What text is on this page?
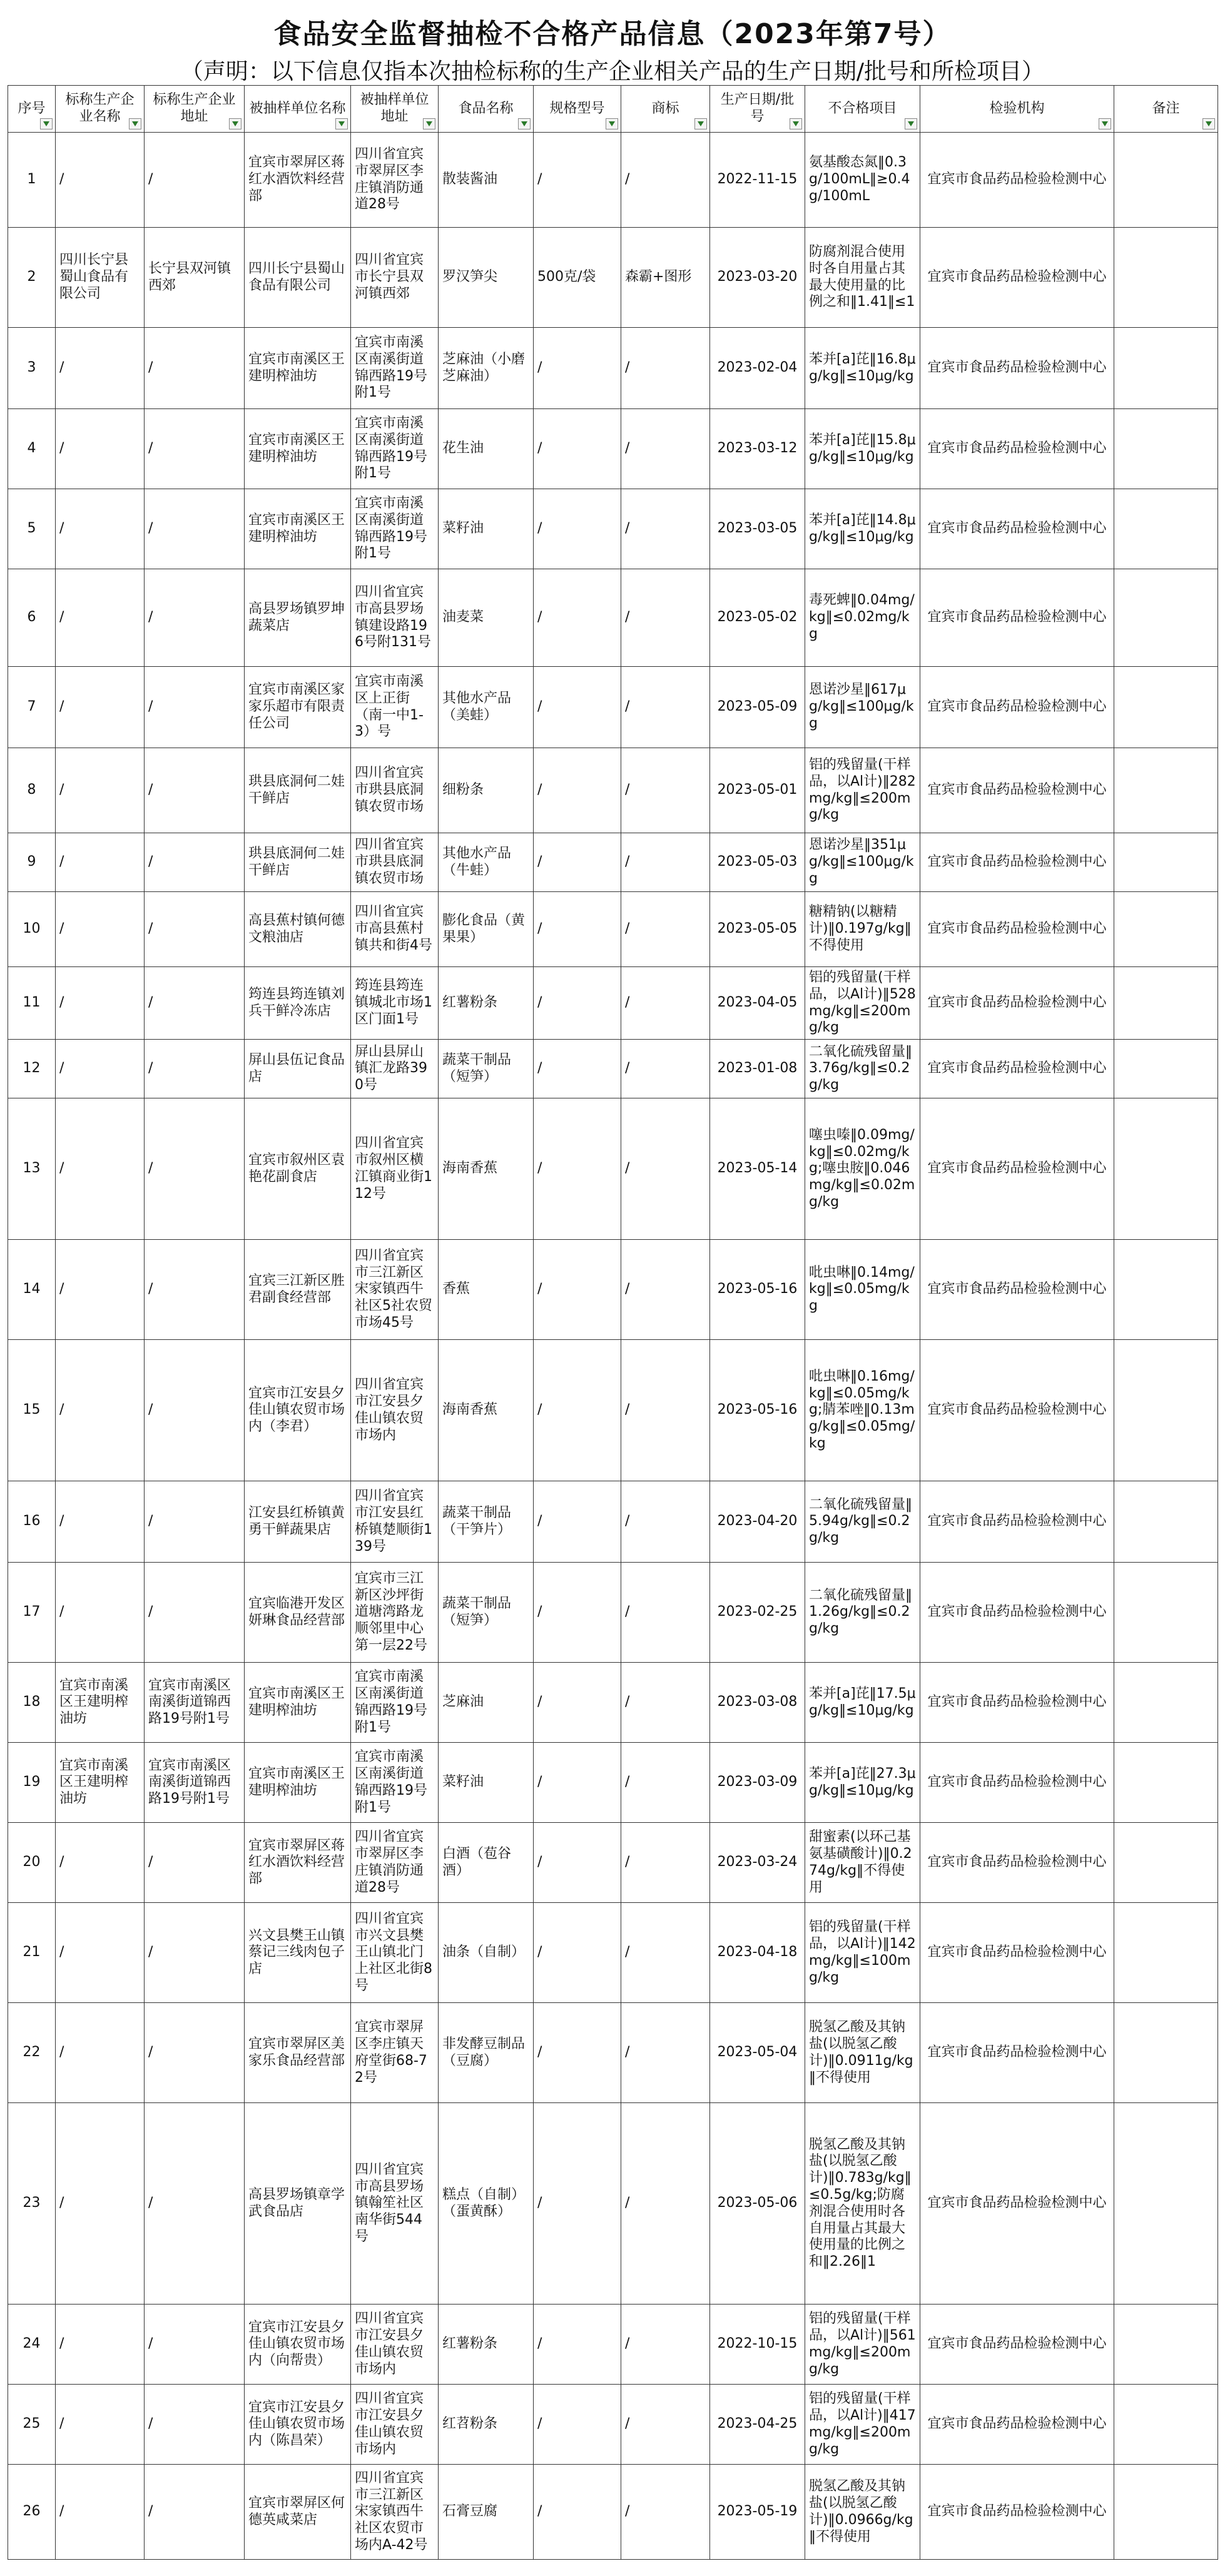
食品安全监督抽检不合格产品信息（2023年第7号）
（声明：以下信息仅指本次抽检标称的生产企业相关产品的生产日期/批号和所检项目）
序号	标称生产企业名称	标称生产企业地址	被抽样单位名称	被抽样单位地址	食品名称	规格型号	商标	生产日期/批号	不合格项目	检验机构	备注

1	/	/	宜宾市翠屏区蒋红水酒饮料经营部	四川省宜宾市翠屏区李庄镇消防通道28号	散装酱油	/	/	2022-11-15	氨基酸态氮‖0.3g/100mL‖≥0.4g/100mL	宜宾市食品药品检验检测中心	
2	四川长宁县蜀山食品有限公司	长宁县双河镇西郊	四川长宁县蜀山食品有限公司	四川省宜宾市长宁县双河镇西郊	罗汉笋尖	500克/袋	森霸+图形	2023-03-20	防腐剂混合使用时各自用量占其最大使用量的比例之和‖1.41‖≤1	宜宾市食品药品检验检测中心	
3	/	/	宜宾市南溪区王建明榨油坊	宜宾市南溪区南溪街道锦西路19号附1号	芝麻油（小磨芝麻油）	/	/	2023-02-04	苯并[a]芘‖16.8μg/kg‖≤10μg/kg	宜宾市食品药品检验检测中心	
4	/	/	宜宾市南溪区王建明榨油坊	宜宾市南溪区南溪街道锦西路19号附1号	花生油	/	/	2023-03-12	苯并[a]芘‖15.8μg/kg‖≤10μg/kg	宜宾市食品药品检验检测中心	
5	/	/	宜宾市南溪区王建明榨油坊	宜宾市南溪区南溪街道锦西路19号附1号	菜籽油	/	/	2023-03-05	苯并[a]芘‖14.8μg/kg‖≤10μg/kg	宜宾市食品药品检验检测中心	
6	/	/	高县罗场镇罗坤蔬菜店	四川省宜宾市高县罗场镇建设路196号附131号	油麦菜	/	/	2023-05-02	毒死蜱‖0.04mg/kg‖≤0.02mg/kg	宜宾市食品药品检验检测中心	
7	/	/	宜宾市南溪区家家乐超市有限责任公司	宜宾市南溪区上正街（南一中1-3）号	其他水产品（美蛙）	/	/	2023-05-09	恩诺沙星‖617μg/kg‖≤100μg/kg	宜宾市食品药品检验检测中心	
8	/	/	珙县底洞何二娃干鲜店	四川省宜宾市珙县底洞镇农贸市场	细粉条	/	/	2023-05-01	铝的残留量(干样品，以Al计)‖282mg/kg‖≤200mg/kg	宜宾市食品药品检验检测中心	
9	/	/	珙县底洞何二娃干鲜店	四川省宜宾市珙县底洞镇农贸市场	其他水产品（牛蛙）	/	/	2023-05-03	恩诺沙星‖351μg/kg‖≤100μg/kg	宜宾市食品药品检验检测中心	
10	/	/	高县蕉村镇何德文粮油店	四川省宜宾市高县蕉村镇共和街4号	膨化食品（黄果果）	/	/	2023-05-05	糖精钠(以糖精计)‖0.197g/kg‖不得使用	宜宾市食品药品检验检测中心	
11	/	/	筠连县筠连镇刘兵干鲜冷冻店	筠连县筠连镇城北市场1区门面1号	红薯粉条	/	/	2023-04-05	铝的残留量(干样品，以Al计)‖528mg/kg‖≤200mg/kg	宜宾市食品药品检验检测中心	
12	/	/	屏山县伍记食品店	屏山县屏山镇汇龙路390号	蔬菜干制品（短笋）	/	/	2023-01-08	二氧化硫残留量‖3.76g/kg‖≤0.2g/kg	宜宾市食品药品检验检测中心	
13	/	/	宜宾市叙州区袁艳花副食店	四川省宜宾市叙州区横江镇商业街112号	海南香蕉	/	/	2023-05-14	噻虫嗪‖0.09mg/kg‖≤0.02mg/kg;噻虫胺‖0.046mg/kg‖≤0.02mg/kg	宜宾市食品药品检验检测中心	
14	/	/	宜宾三江新区胜君副食经营部	四川省宜宾市三江新区宋家镇西牛社区5社农贸市场45号	香蕉	/	/	2023-05-16	吡虫啉‖0.14mg/kg‖≤0.05mg/kg	宜宾市食品药品检验检测中心	
15	/	/	宜宾市江安县夕佳山镇农贸市场内（李君）	四川省宜宾市江安县夕佳山镇农贸市场内	海南香蕉	/	/	2023-05-16	吡虫啉‖0.16mg/kg‖≤0.05mg/kg;腈苯唑‖0.13mg/kg‖≤0.05mg/kg	宜宾市食品药品检验检测中心	
16	/	/	江安县红桥镇黄勇干鲜蔬果店	四川省宜宾市江安县红桥镇楚顺街139号	蔬菜干制品（干笋片）	/	/	2023-04-20	二氧化硫残留量‖5.94g/kg‖≤0.2g/kg	宜宾市食品药品检验检测中心	
17	/	/	宜宾临港开发区妍琳食品经营部	宜宾市三江新区沙坪街道塘湾路龙顺邻里中心第一层22号	蔬菜干制品（短笋）	/	/	2023-02-25	二氧化硫残留量‖1.26g/kg‖≤0.2g/kg	宜宾市食品药品检验检测中心	
18	宜宾市南溪区王建明榨油坊	宜宾市南溪区南溪街道锦西路19号附1号	宜宾市南溪区王建明榨油坊	宜宾市南溪区南溪街道锦西路19号附1号	芝麻油	/	/	2023-03-08	苯并[a]芘‖17.5μg/kg‖≤10μg/kg	宜宾市食品药品检验检测中心	
19	宜宾市南溪区王建明榨油坊	宜宾市南溪区南溪街道锦西路19号附1号	宜宾市南溪区王建明榨油坊	宜宾市南溪区南溪街道锦西路19号附1号	菜籽油	/	/	2023-03-09	苯并[a]芘‖27.3μg/kg‖≤10μg/kg	宜宾市食品药品检验检测中心	
20	/	/	宜宾市翠屏区蒋红水酒饮料经营部	四川省宜宾市翠屏区李庄镇消防通道28号	白酒（苞谷酒）	/	/	2023-03-24	甜蜜素(以环己基氨基磺酸计)‖0.274g/kg‖不得使用	宜宾市食品药品检验检测中心	
21	/	/	兴文县樊王山镇蔡记三线肉包子店	四川省宜宾市兴文县樊王山镇北门上社区北街8号	油条（自制）	/	/	2023-04-18	铝的残留量(干样品，以Al计)‖142mg/kg‖≤100mg/kg	宜宾市食品药品检验检测中心	
22	/	/	宜宾市翠屏区美家乐食品经营部	宜宾市翠屏区李庄镇天府堂街68-72号	非发酵豆制品（豆腐）	/	/	2023-05-04	脱氢乙酸及其钠盐(以脱氢乙酸计)‖0.0911g/kg‖不得使用	宜宾市食品药品检验检测中心	
23	/	/	高县罗场镇章学武食品店	四川省宜宾市高县罗场镇翰笙社区南华街544号	糕点（自制）（蛋黄酥）	/	/	2023-05-06	脱氢乙酸及其钠盐(以脱氢乙酸计)‖0.783g/kg‖≤0.5g/kg;防腐剂混合使用时各自用量占其最大使用量的比例之和‖2.26‖1	宜宾市食品药品检验检测中心	
24	/	/	宜宾市江安县夕佳山镇农贸市场内（向帮贵）	四川省宜宾市江安县夕佳山镇农贸市场内	红薯粉条	/	/	2022-10-15	铝的残留量(干样品，以Al计)‖561mg/kg‖≤200mg/kg	宜宾市食品药品检验检测中心	
25	/	/	宜宾市江安县夕佳山镇农贸市场内（陈昌荣）	四川省宜宾市江安县夕佳山镇农贸市场内	红苕粉条	/	/	2023-04-25	铝的残留量(干样品，以Al计)‖417mg/kg‖≤200mg/kg	宜宾市食品药品检验检测中心	
26	/	/	宜宾市翠屏区何德英咸菜店	四川省宜宾市三江新区宋家镇西牛社区农贸市场内A-42号	石膏豆腐	/	/	2023-05-19	脱氢乙酸及其钠盐(以脱氢乙酸计)‖0.0966g/kg‖不得使用	宜宾市食品药品检验检测中心	
